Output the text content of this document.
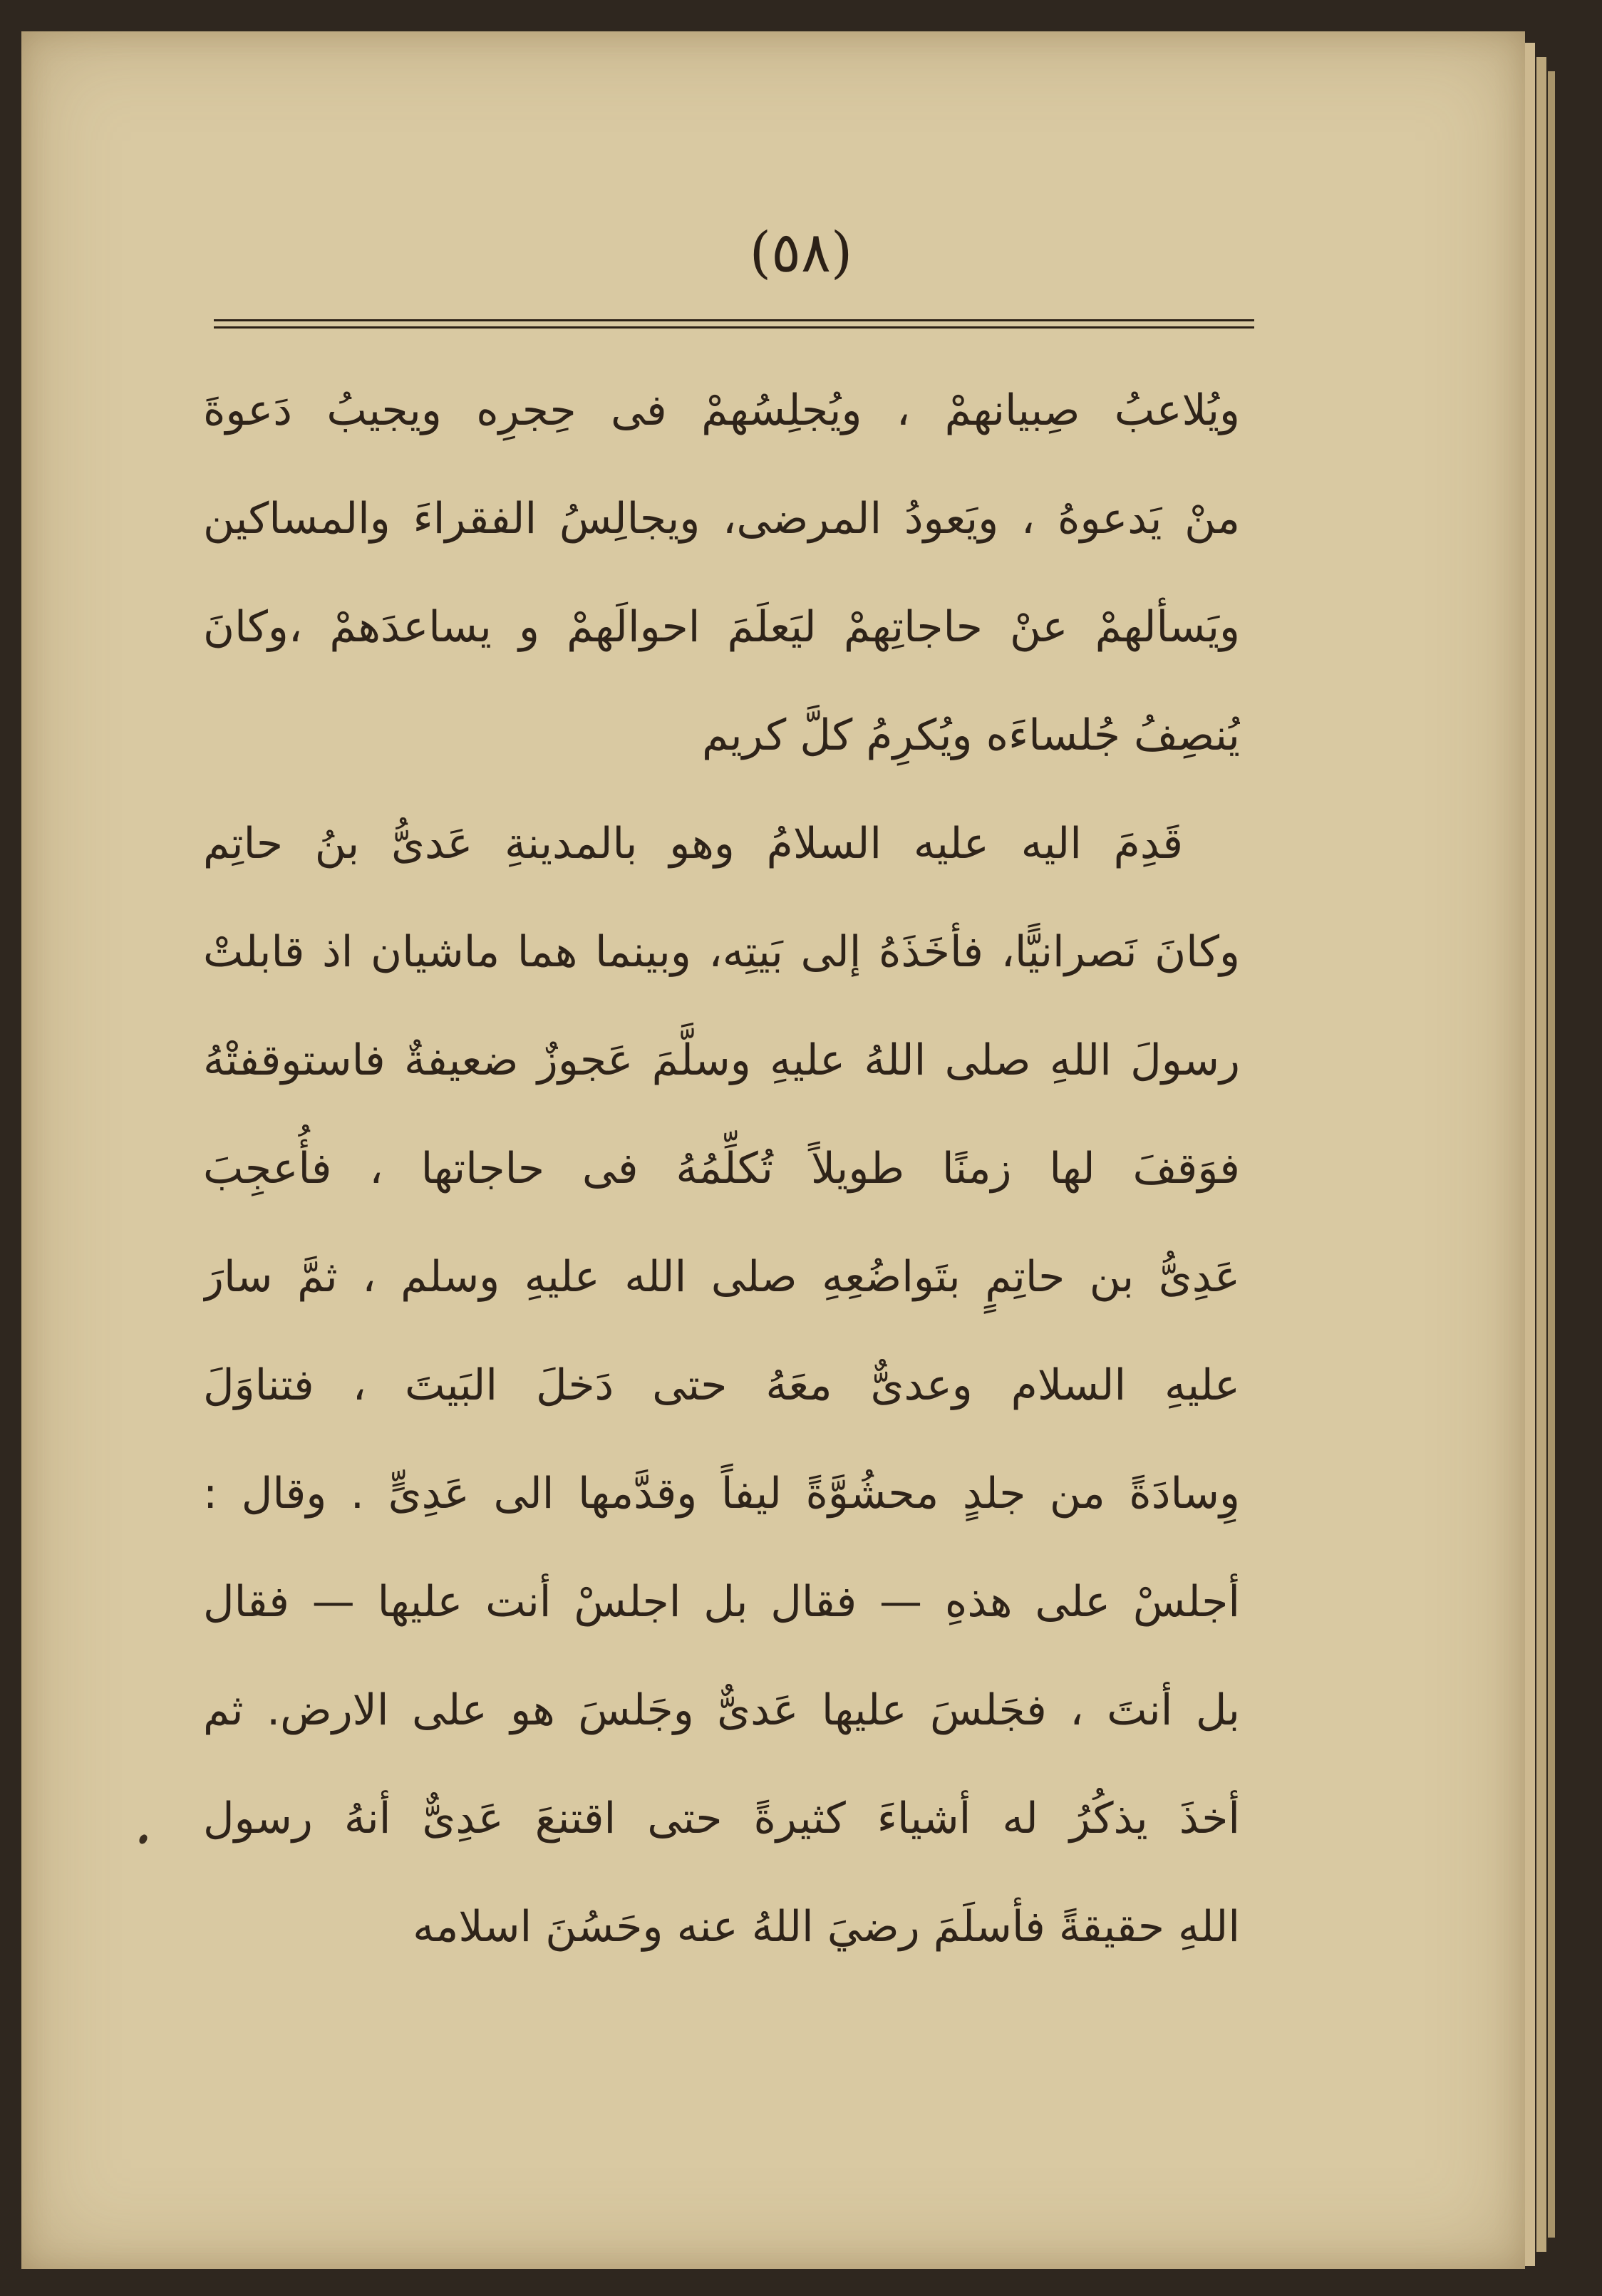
(٥٨)
ويُلاعبُ صِبيانهمْ ، ويُجلِسُهمْ فى حِجرِه ويجيبُ دَعوةَ
منْ يَدعوهُ ، ويَعودُ المرضى، ويجالِسُ الفقراءَ والمساكين
ويَسألهمْ عنْ حاجاتِهمْ ليَعلَمَ احوالَهمْ و يساعدَهمْ ،وكانَ
يُنصِفُ جُلساءَه ويُكرِمُ كلَّ كريم
قَدِمَ اليه عليه السلامُ وهو بالمدينةِ عَدىُّ بنُ حاتِم
وكانَ نَصرانيًّا، فأخَذَهُ إلى بَيتِه، وبينما هما ماشيان اذ قابلتْ
رسولَ اللهِ صلى اللهُ عليهِ وسلَّمَ عَجوزٌ ضعيفةٌ فاستوقفتْهُ
فوَقفَ لها زمنًا طويلاً تُكلِّمُهُ فى حاجاتها ، فأُعجِبَ
عَدِىُّ بن حاتِمٍ بتَواضُعِهِ صلى الله عليهِ وسلم ، ثمَّ سارَ
عليهِ السلام وعدىٌّ معَهُ حتى دَخلَ البَيتَ ، فتناوَلَ
وِسادَةً من جلدٍ محشُوَّةً ليفاً وقدَّمها الى عَدِىٍّ . وقال :
أجلسْ على هذهِ — فقال بل اجلسْ أنت عليها — فقال
بل أنتَ ، فجَلسَ عليها عَدىٌّ وجَلسَ هو على الارض. ثم
أخذَ يذكُرُ له أشياءَ كثيرةً حتى اقتنعَ عَدِىٌّ أنهُ رسول
اللهِ حقيقةً فأسلَمَ رضيَ اللهُ عنه وحَسُنَ اسلامه
